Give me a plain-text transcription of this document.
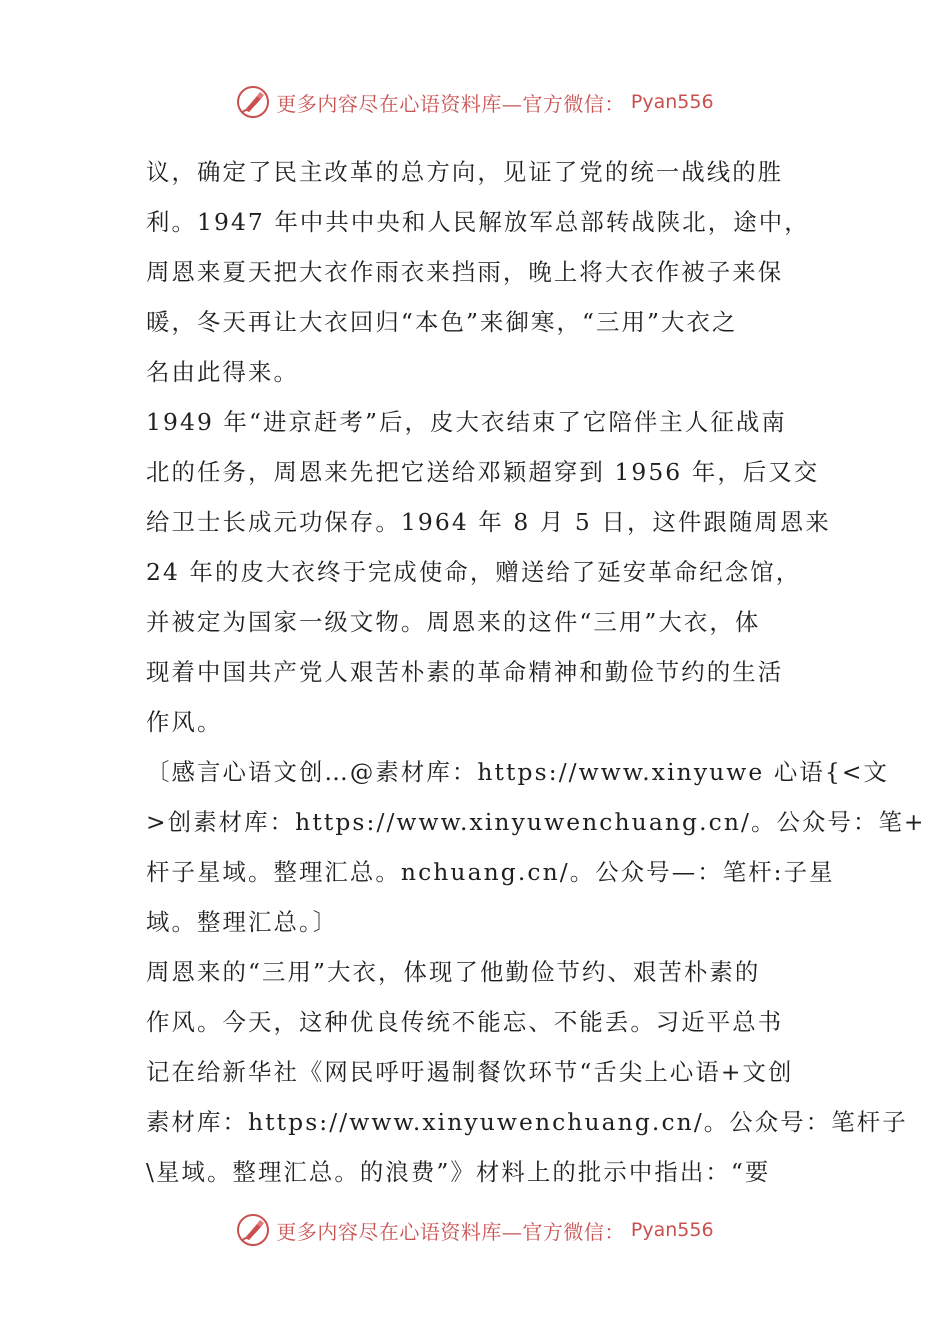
更多内容尽在心语资料库—官方微信： Pyan556
议，确定了民主改革的总方向，见证了党的统一战线的胜
利。1947 年中共中央和人民解放军总部转战陕北，途中，
周恩来夏天把大衣作雨衣来挡雨，晚上将大衣作被子来保
暖，冬天再让大衣回归“本色”来御寒，“三用”大衣之
名由此得来。
1949 年“进京赶考”后，皮大衣结束了它陪伴主人征战南
北的任务，周恩来先把它送给邓颖超穿到 1956 年，后又交
给卫士长成元功保存。1964 年 8 月 5 日，这件跟随周恩来
24 年的皮大衣终于完成使命，赠送给了延安革命纪念馆，
并被定为国家一级文物。周恩来的这件“三用”大衣，体
现着中国共产党人艰苦朴素的革命精神和勤俭节约的生活
作风。
〔感言心语文创…@素材库：https://www.xinyuwe 心语{<文
>创素材库：https://www.xinyuwenchuang.cn/。公众号：笔+
杆子星域。整理汇总。nchuang.cn/。公众号—：笔杆:子星
域。整理汇总。〕
周恩来的“三用”大衣，体现了他勤俭节约、艰苦朴素的
作风。今天，这种优良传统不能忘、不能丢。习近平总书
记在给新华社《网民呼吁遏制餐饮环节“舌尖上心语+文创
素材库：https://www.xinyuwenchuang.cn/。公众号：笔杆子
\星域。整理汇总。的浪费”》材料上的批示中指出：“要
更多内容尽在心语资料库—官方微信： Pyan556
